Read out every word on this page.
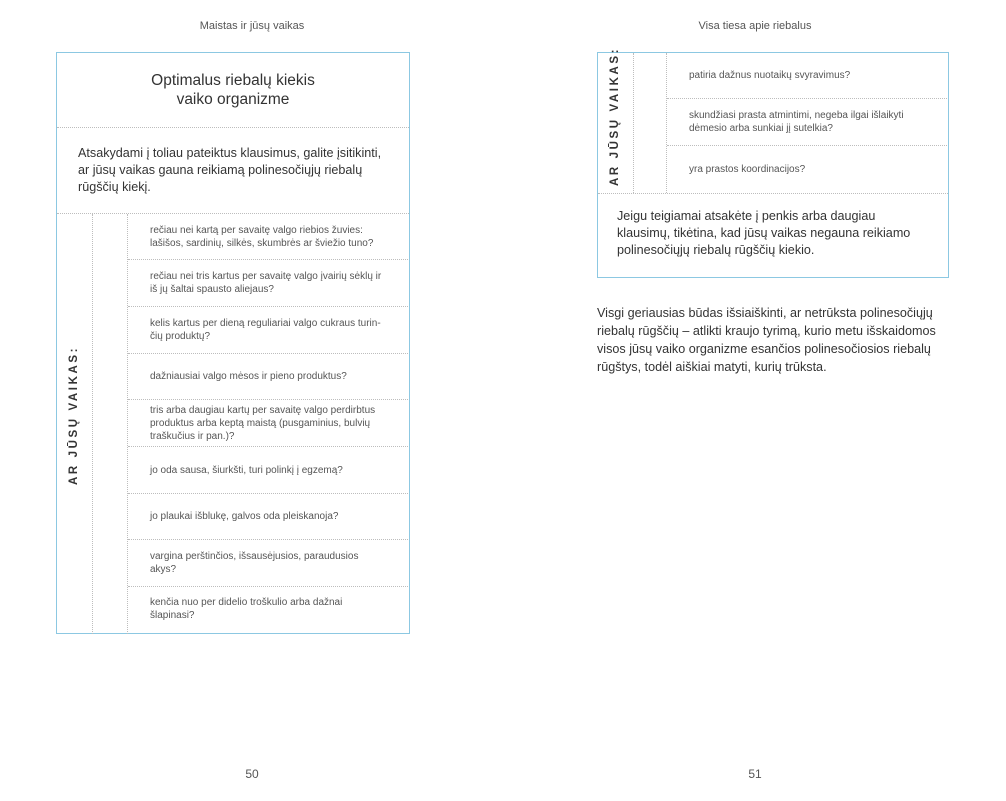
Maistas ir jūsų vaikas
Optimalus riebalų kiekis
vaiko organizme
Atsakydami į toliau pateiktus klausimus, galite įsitikinti, ar jūsų vaikas gauna reikiamą polinesočiųjų riebalų rūgščių kiekį.
AR JŪSŲ VAIKAS:
rečiau nei kartą per savaitę valgo riebios žuvies: lašišos, sardinių, silkės, skumbrės ar šviežio tuno?
rečiau nei tris kartus per savaitę valgo įvairių sėklų ir iš jų šaltai spausto aliejaus?
kelis kartus per dieną reguliariai valgo cukraus turin-čių produktų?
dažniausiai valgo mėsos ir pieno produktus?
tris arba daugiau kartų per savaitę valgo perdirbtus produktus arba keptą maistą (pusgaminius, bulvių traškučius ir pan.)?
jo oda sausa, šiurkšti, turi polinkį į egzemą?
jo plaukai išblukę, galvos oda pleiskanoja?
vargina perštinčios, išsausėjusios, paraudusios akys?
kenčia nuo per didelio troškulio arba dažnai šlapinasi?
50
Visa tiesa apie riebalus
AR JŪSŲ VAIKAS:	patiria dažnus nuotaikų svyravimus?
skundžiasi prasta atmintimi, negeba ilgai išlaikyti dėmesio arba sunkiai jį sutelkia?
yra prastos koordinacijos?
Jeigu teigiamai atsakėte į penkis arba daugiau klausimų, tikėtina, kad jūsų vaikas negauna reikiamo polinesočiųjų riebalų rūgščių kiekio.
Visgi geriausias būdas išsiaiškinti, ar netrūksta polinesočiųjų riebalų rūgščių – atlikti kraujo tyrimą, kurio metu išskaidomos visos jūsų vaiko organizme esančios polinesočiosios riebalų rūgštys, todėl aiškiai matyti, kurių trūksta.
51
